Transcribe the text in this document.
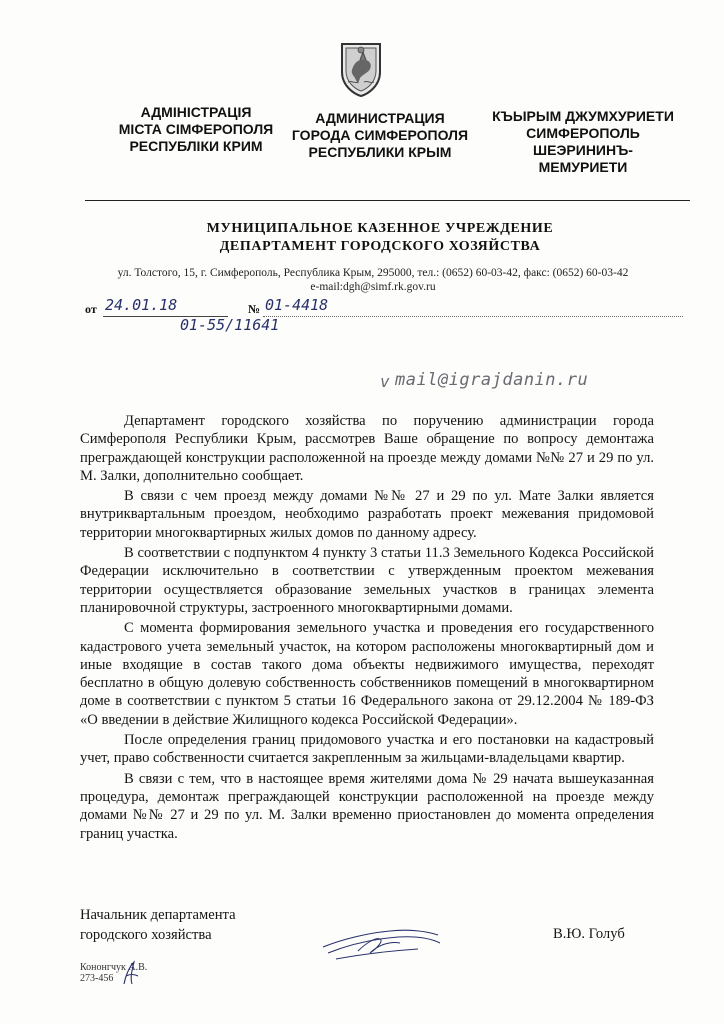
АДМІНІСТРАЦІЯ
МІСТА СІМФЕРОПОЛЯ
РЕСПУБЛІКИ КРИМ
АДМИНИСТРАЦИЯ
ГОРОДА СИМФЕРОПОЛЯ
РЕСПУБЛИКИ КРЫМ
КЪЫРЫМ ДЖУМХУРИЕТИ
СИМФЕРОПОЛЬ
ШЕЭРИНИНЪ-
МЕМУРИЕТИ
МУНИЦИПАЛЬНОЕ КАЗЕННОЕ УЧРЕЖДЕНИЕ
ДЕПАРТАМЕНТ ГОРОДСКОГО ХОЗЯЙСТВА
ул. Толстого, 15, г. Симферополь, Республика Крым, 295000, тел.: (0652) 60-03-42, факс: (0652) 60-03-42
e-mail:dgh@simf.rk.gov.ru
от 24.01.18	№ 01-4418
01-55/11641
mail@igrajdanin.ru
v

Департамент городского хозяйства по поручению администрации города Симферополя Республики Крым, рассмотрев Ваше обращение по вопросу демонтажа преграждающей конструкции расположенной на проезде между домами №№ 27 и 29 по ул. М. Залки, дополнительно сообщает.

В связи с чем проезд между домами №№ 27 и 29 по ул. Мате Залки является внутриквартальным проездом, необходимо разработать проект межевания придомовой территории многоквартирных жилых домов по данному адресу.

В соответствии с подпунктом 4 пункту 3 статьи 11.3 Земельного Кодекса Российской Федерации исключительно в соответствии с утвержденным проектом межевания территории осуществляется образование земельных участков в границах элемента планировочной структуры, застроенного многоквартирными домами.

С момента формирования земельного участка и проведения его государственного кадастрового учета земельный участок, на котором расположены многоквартирный дом и иные входящие в состав такого дома объекты недвижимого имущества, переходят бесплатно в общую долевую собственность собственников помещений в многоквартирном доме в соответствии с пунктом 5 статьи 16 Федерального закона от 29.12.2004 № 189-ФЗ «О введении в действие Жилищного кодекса Российской Федерации».

После определения границ придомового участка и его постановки на кадастровый учет, право собственности считается закрепленным за жильцами-владельцами квартир.

В связи с тем, что в настоящее время жителями дома № 29 начата вышеуказанная процедура, демонтаж преграждающей конструкции расположенной на проезде между домами №№ 27 и 29 по ул. М. Залки временно приостановлен до момента определения границ участка.

Начальник департамента
городского хозяйства	В.Ю. Голуб
Кононгчук А.В.
273-456
